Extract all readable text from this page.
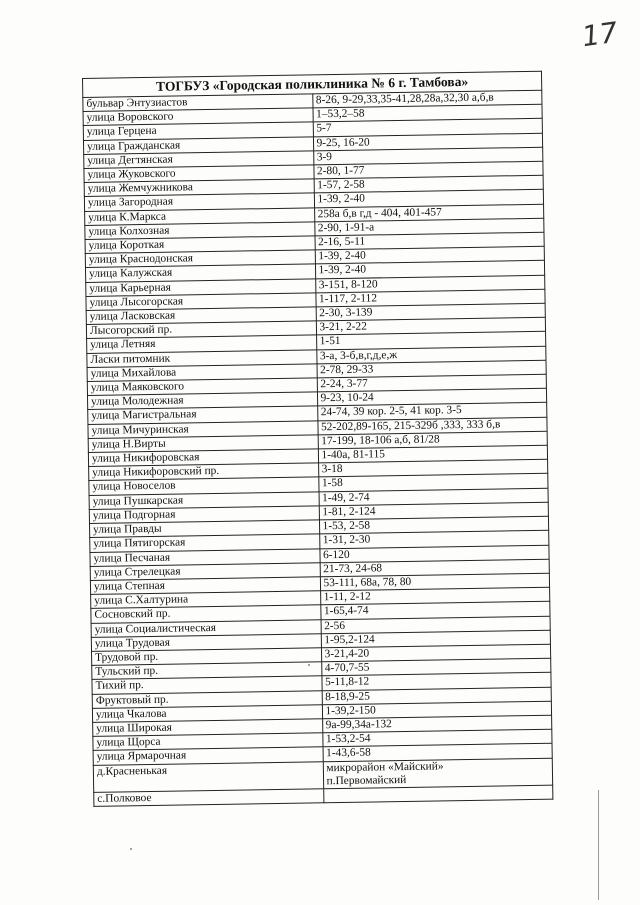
17
ТОГБУЗ «Городская поликлиника № 6 г. Тамбова»	
бульвар Энтузиастов	8-26, 9-29,33,35-41,28,28а,32,30 а,б,в
улица Воровского	1–53,2–58
улица Герцена	5-7
улица Гражданская	9-25, 16-20
улица Дегтянская	3-9
улица Жуковского	2-80, 1-77
улица Жемчужникова	1-57, 2-58
улица Загородная	1-39, 2-40
улица К.Маркса	258а б,в г,д - 404, 401-457
улица Колхозная	2-90, 1-91-а
улица Короткая	2-16, 5-11
улица Краснодонская	1-39, 2-40
улица Калужская	1-39, 2-40
улица Карьерная	3-151, 8-120
улица Лысогорская	1-117, 2-112
улица Ласковская	2-30, 3-139
Лысогорский пр.	3-21, 2-22
улица Летняя	1-51
Ласки питомник	3-а, 3-б,в,г,д,е,ж
улица Михайлова	2-78, 29-33
улица Маяковского	2-24, 3-77
улица Молодежная	9-23, 10-24
улица Магистральная	24-74, 39 кор. 2-5, 41 кор. 3-5
улица Мичуринская	52-202,89-165, 215-329б ,333, 333 б,в
улица Н.Вирты	17-199, 18-106 а,б, 81/28
улица Никифоровская	1-40а, 81-115
улица Никифоровский пр.	3-18
улица Новоселов	1-58
улица Пушкарская	1-49, 2-74
улица Подгорная	1-81, 2-124
улица Правды	1-53, 2-58
улица Пятигорская	1-31, 2-30
улица Песчаная	6-120
улица Стрелецкая	21-73, 24-68
улица Степная	53-111, 68а, 78, 80
улица С.Халтурина	1-11, 2-12
Сосновский пр.	1-65,4-74
улица Социалистическая	2-56
улица Трудовая	1-95,2-124
Трудовой пр.	3-21,4-20
Тульский пр.	4-70,7-55
Тихий пр.	5-11,8-12
Фруктовый пр.	8-18,9-25
улица Чкалова	1-39,2-150
улица Широкая	9а-99,34а-132
улица Щорса	1-53,2-54
улица Ярмарочная	1-43,6-58
д.Красненькая	микрорайон «Майский»
п.Первомайский

с.Полковое	
